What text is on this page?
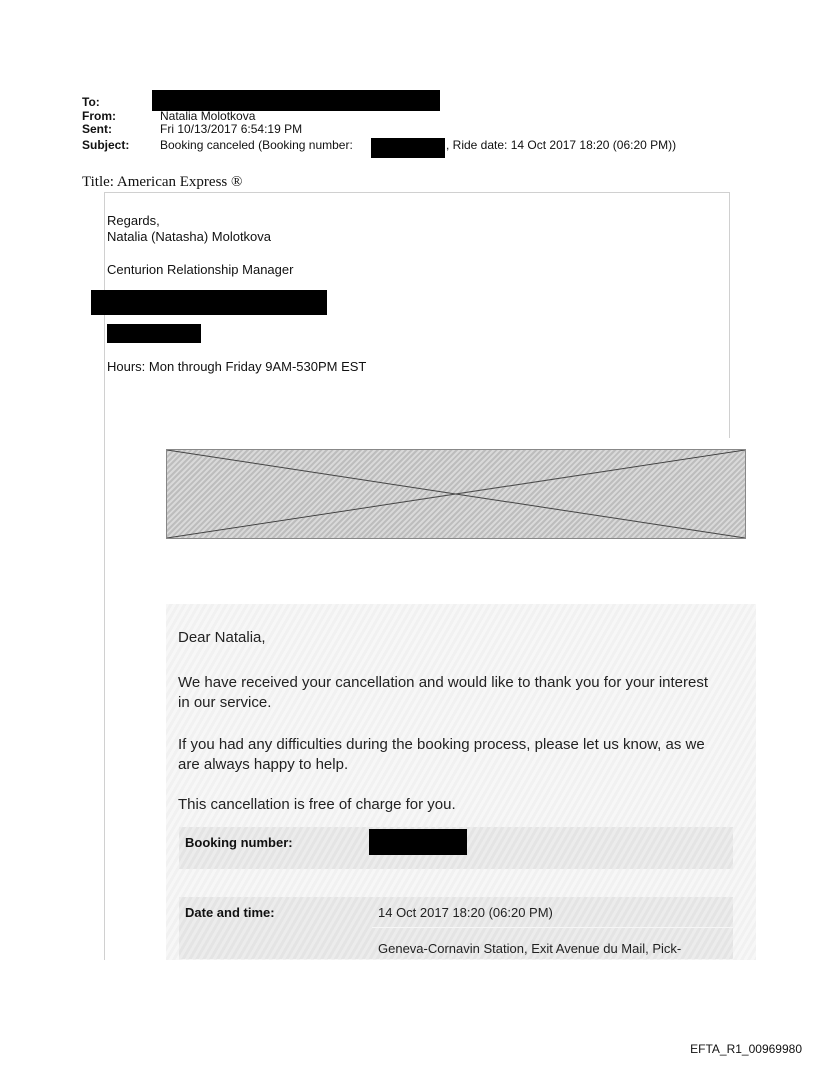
To:
From:	Natalia Molotkova
Sent:	Fri 10/13/2017 6:54:19 PM
Subject:	Booking canceled (Booking number:	, Ride date: 14 Oct 2017 18:20 (06:20 PM))
Title: American Express ®
Regards,
Natalia (Natasha) Molotkova
Centurion Relationship Manager
Hours: Mon through Friday 9AM-530PM EST
Dear Natalia,
We have received your cancellation and would like to thank you for your interest
in our service.
If you had any difficulties during the booking process, please let us know, as we
are always happy to help.
This cancellation is free of charge for you.
Booking number:
Date and time:	14 Oct 2017 18:20 (06:20 PM)
Geneva-Cornavin Station, Exit Avenue du Mail, Pick-
EFTA_R1_00969980
